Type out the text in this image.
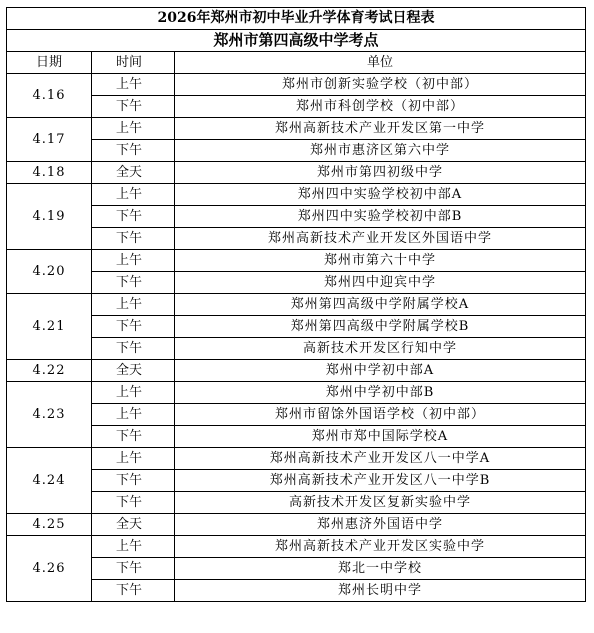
2026年郑州市初中毕业升学体育考试日程表		
郑州市第四高级中学考点		
日期	时间	单位
4.16	上午	郑州市创新实验学校（初中部）
	下午	郑州市科创学校（初中部）
4.17	上午	郑州高新技术产业开发区第一中学
	下午	郑州市惠济区第六中学
4.18	全天	郑州市第四初级中学
4.19	上午	郑州四中实验学校初中部A
	下午	郑州四中实验学校初中部B
	下午	郑州高新技术产业开发区外国语中学
4.20	上午	郑州市第六十中学
	下午	郑州四中迎宾中学
4.21	上午	郑州第四高级中学附属学校A
	下午	郑州第四高级中学附属学校B
	下午	高新技术开发区行知中学
4.22	全天	郑州中学初中部A
4.23	上午	郑州中学初中部B
	上午	郑州市留馀外国语学校（初中部）
	下午	郑州市郑中国际学校A
4.24	上午	郑州高新技术产业开发区八一中学A
	下午	郑州高新技术产业开发区八一中学B
	下午	高新技术开发区复新实验中学
4.25	全天	郑州惠济外国语中学
4.26	上午	郑州高新技术产业开发区实验中学
	下午	郑北一中学校
	下午	郑州长明中学
